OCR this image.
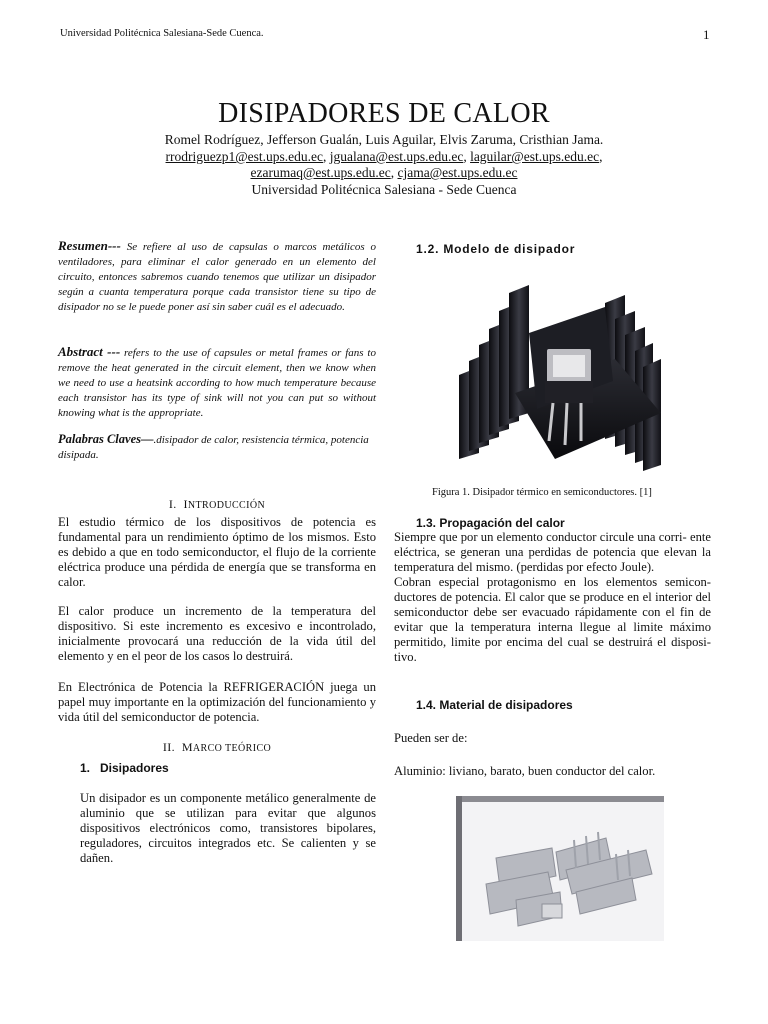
Universidad Politécnica Salesiana-Sede Cuenca.	1
DISIPADORES DE CALOR
Romel Rodríguez, Jefferson Gualán, Luis Aguilar, Elvis Zaruma, Cristhian Jama.
rrodriguezp1@est.ups.edu.ec, jgualana@est.ups.edu.ec, laguilar@est.ups.edu.ec,
ezarumaq@est.ups.edu.ec, cjama@est.ups.edu.ec
Universidad Politécnica Salesiana - Sede Cuenca
Resumen--- Se refiere al uso de capsulas o marcos metálicos o ventiladores, para eliminar el calor generado en un elemento del circuito, entonces sabremos cuando tenemos que utilizar un disipador según a cuanta temperatura porque cada transistor tiene su tipo de disipador no se le puede poner así sin saber cuál es el adecuado.
Abstract --- refers to the use of capsules or metal frames or fans to remove the heat generated in the circuit element, then we know when we need to use a heatsink according to how much temperature because each transistor has its type of sink will not you can put so without knowing what is the appropriate.
Palabras Claves—.disipador de calor, resistencia térmica, potencia disipada.
I. INTRODUCCIÓN
El estudio térmico de los dispositivos de potencia es fundamental para un rendimiento óptimo de los mismos. Esto es debido a que en todo semiconductor, el flujo de la corriente eléctrica produce una pérdida de energía que se transforma en calor.
El calor produce un incremento de la temperatura del dispositivo. Si este incremento es excesivo e incontrolado, inicialmente provocará una reducción de la vida útil del elemento y en el peor de los casos lo destruirá.
En Electrónica de Potencia la REFRIGERACIÓN juega un papel muy importante en la optimización del funcionamiento y vida útil del semiconductor de potencia.
II. MARCO TEÓRICO
1.   Disipadores
Un disipador es un componente metálico generalmente de aluminio que se utilizan para evitar que algunos dispositivos electrónicos como, transistores bipolares, reguladores, circuitos integrados etc. Se calienten y se dañen.
1.2. Modelo de disipador
Figura 1. Disipador térmico en semiconductores. [1]
1.3. Propagación del calor
Siempre que por un elemento conductor circule una corri- ente eléctrica, se generan una perdidas de potencia que elevan la temperatura del mismo. (perdidas por efecto Joule).
Cobran especial protagonismo en los elementos semicon- ductores de potencia. El calor que se produce en el interior del semiconductor debe ser evacuado rápidamente con el fin de evitar que la temperatura interna llegue al limite máximo permitido, limite por encima del cual se destruirá el disposi- tivo.
1.4. Material de disipadores
Pueden ser de:
Aluminio: liviano, barato, buen conductor del calor.
